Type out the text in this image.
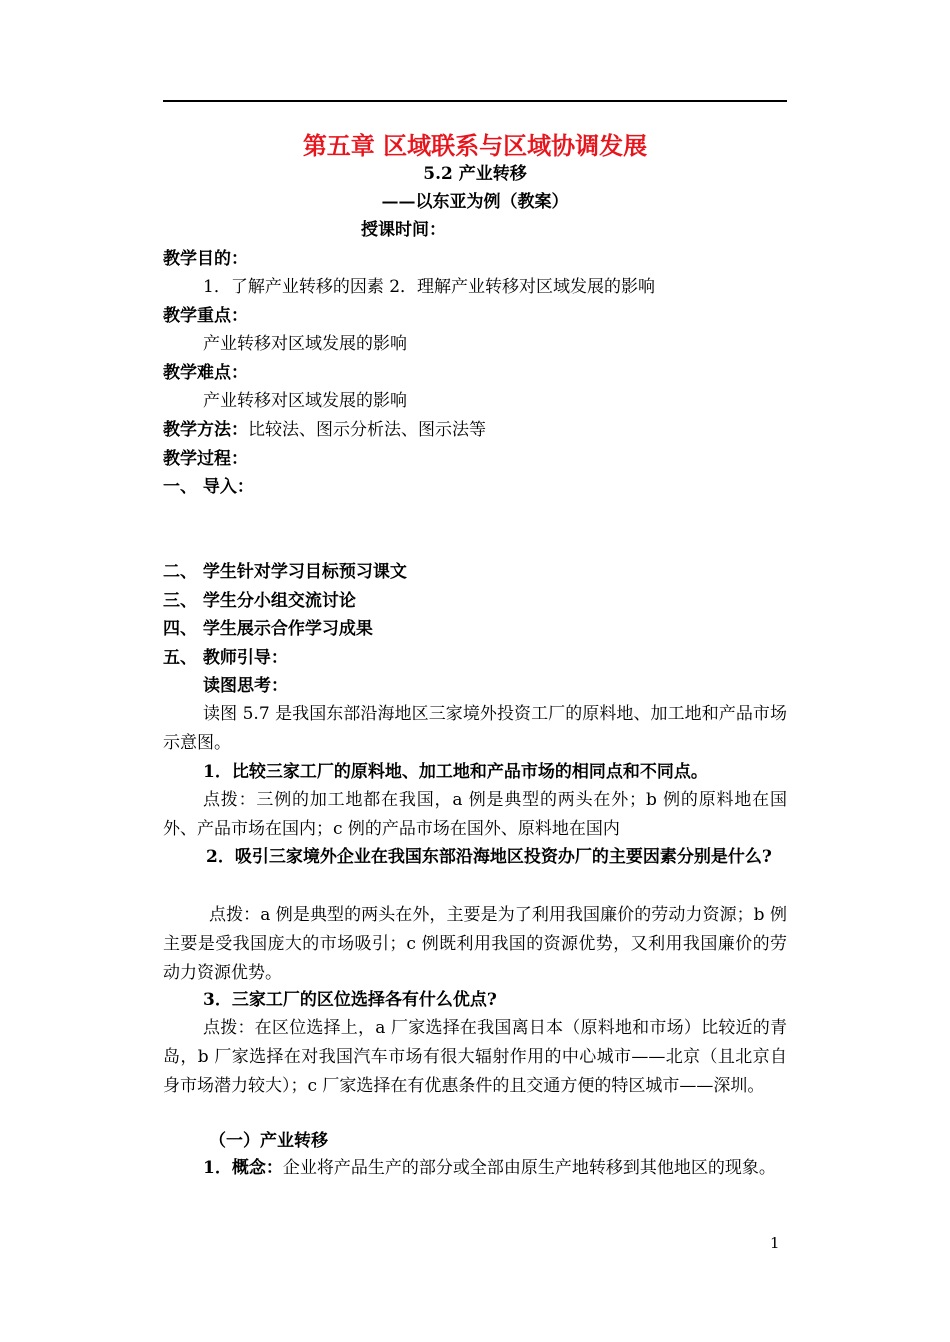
第五章 区域联系与区域协调发展
5.2 产业转移
——以东亚为例（教案）
授课时间：
教学目的：
1．了解产业转移的因素 2．理解产业转移对区域发展的影响
教学重点：
产业转移对区域发展的影响
教学难点：
产业转移对区域发展的影响
教学方法：比较法、图示分析法、图示法等
教学过程：
一、 导入：
二、 学生针对学习目标预习课文
三、 学生分小组交流讨论
四、 学生展示合作学习成果
五、 教师引导：
读图思考：
读图 5.7 是我国东部沿海地区三家境外投资工厂的原料地、加工地和产品市场示意图。
1．比较三家工厂的原料地、加工地和产品市场的相同点和不同点。
点拨：三例的加工地都在我国，a 例是典型的两头在外；b 例的原料地在国外、产品市场在国内；c 例的产品市场在国外、原料地在国内
2．吸引三家境外企业在我国东部沿海地区投资办厂的主要因素分别是什么?
点拨：a 例是典型的两头在外，主要是为了利用我国廉价的劳动力资源；b 例主要是受我国庞大的市场吸引；c 例既利用我国的资源优势，又利用我国廉价的劳动力资源优势。
3．三家工厂的区位选择各有什么优点?
点拨：在区位选择上，a 厂家选择在我国离日本（原料地和市场）比较近的青岛，b 厂家选择在对我国汽车市场有很大辐射作用的中心城市——北京（且北京自身市场潜力较大）；c 厂家选择在有优惠条件的且交通方便的特区城市——深圳。
（一）产业转移
1．概念：企业将产品生产的部分或全部由原生产地转移到其他地区的现象。
1
